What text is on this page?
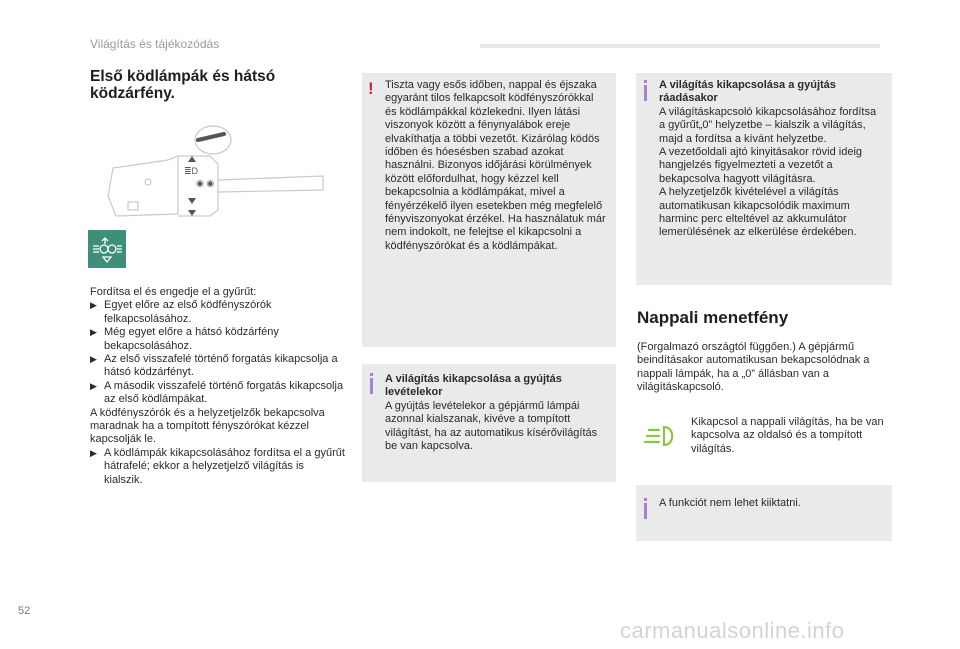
Világítás és tájékozódás
Első ködlámpák és hátsó ködzárfény.
≣D
◉ ◉

Fordítsa el és engedje el a gyűrűt:

▶ Egyet előre az első ködfényszórók felkapcsolásához.
▶ Még egyet előre a hátsó ködzárfény bekapcsolásához.
▶ Az első visszafelé történő forgatás kikapcsolja a hátsó ködzárfényt.
▶ A második visszafelé történő forgatás kikapcsolja az első ködlámpákat.

A ködfényszórók és a helyzetjelzők bekapcsolva maradnak ha a tompított fényszórókat kézzel kapcsolják le.

▶ A ködlámpák kikapcsolásához fordítsa el a gyűrűt hátrafelé; ekkor a helyzetjelző világítás is kialszik.
! Tiszta vagy esős időben, nappal és éjszaka egyaránt tilos felkapcsolt ködfényszórókkal és ködlámpákkal közlekedni. Ilyen látási viszonyok között a fénynyalábok ereje elvakíthatja a többi vezetőt. Kizárólag ködös időben és hóesésben szabad azokat használni. Bizonyos időjárási körülmények között előfordulhat, hogy kézzel kell bekapcsolnia a ködlámpákat, mivel a fényérzékelő ilyen esetekben még megfelelő fényviszonyokat érzékel. Ha használatuk már nem indokolt, ne felejtse el kikapcsolni a ködfényszórókat és a ködlámpákat.
A világítás kikapcsolása a gyújtás levételekor
A gyújtás levételekor a gépjármű lámpái azonnal kialszanak, kivéve a tompított világítást, ha az automatikus kísérővilágítás be van kapcsolva.
A világítás kikapcsolása a gyújtás ráadásakor
A világításkapcsoló kikapcsolásához fordítsa a gyűrűt„0” helyzetbe – kialszik a világítás, majd a fordítsa a kívánt helyzetbe.
A vezetőoldali ajtó kinyitásakor rövid ideig hangjelzés figyelmezteti a vezetőt a bekapcsolva hagyott világításra.
A helyzetjelzők kivételével a világítás automatikusan kikapcsolódik maximum harminc perc elteltével az akkumulátor lemerülésének az elkerülése érdekében.
Nappali menetfény
(Forgalmazó országtól függően.) A gépjármű beindításakor automatikusan bekapcsolódnak a nappali lámpák, ha a „0” állásban van a világításkapcsoló.
Kikapcsol a nappali világítás, ha be van kapcsolva az oldalsó és a tompított világítás.
A funkciót nem lehet kiiktatni.
52
carmanualsonline.info
